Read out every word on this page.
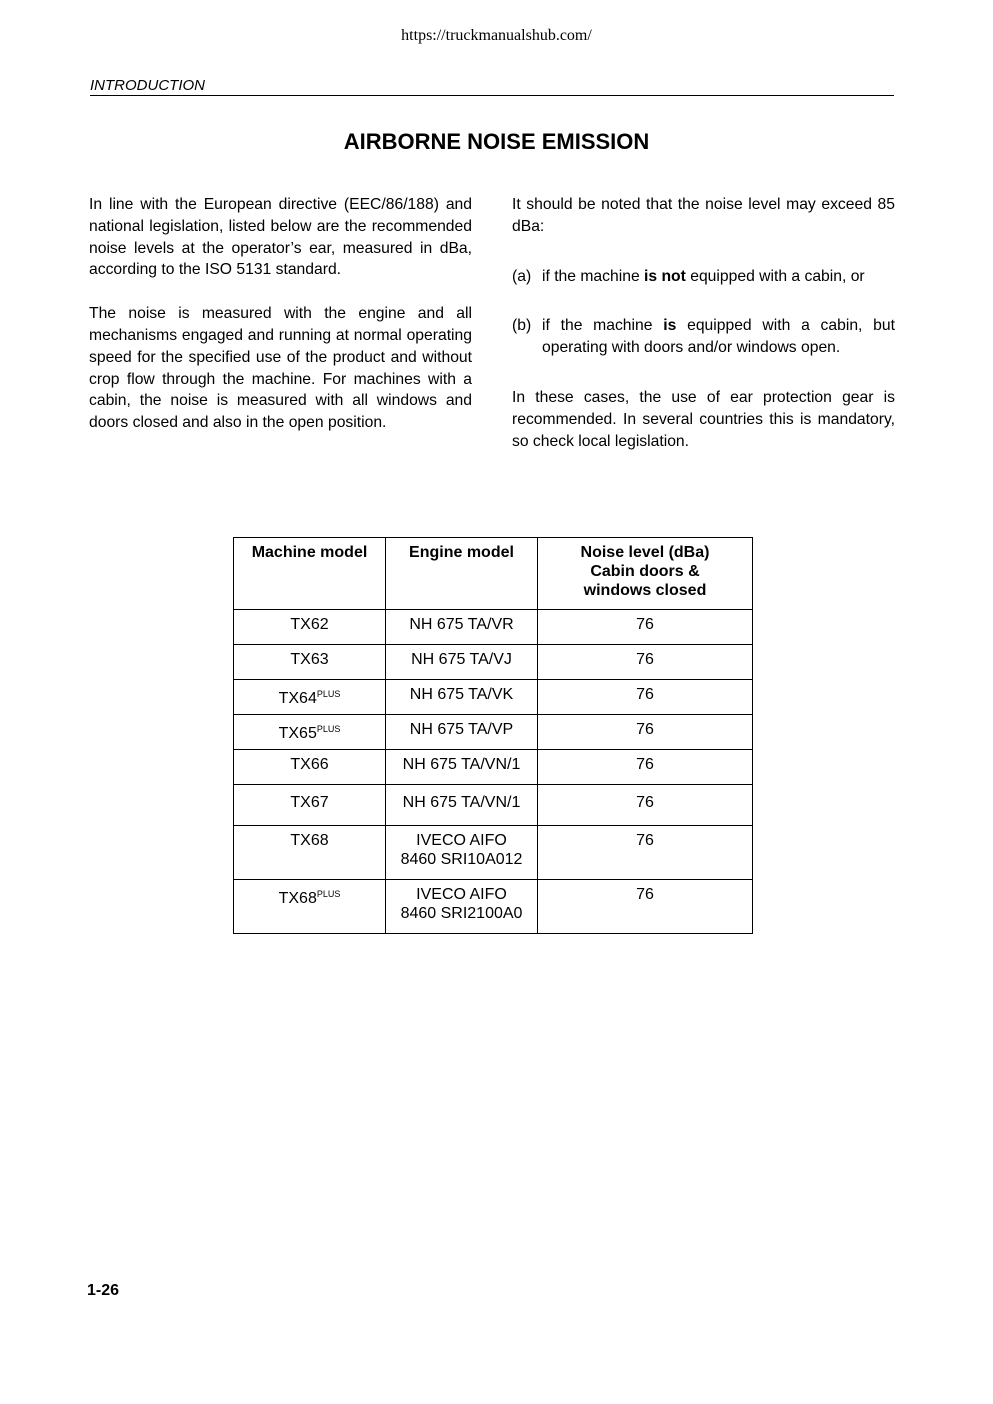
https://truckmanualshub.com/
INTRODUCTION
AIRBORNE NOISE EMISSION

In line with the European directive (EEC/86/188) and national legislation, listed below are the recommended noise levels at the operator’s ear, measured in dBa, according to the ISO 5131 standard.

The noise is measured with the engine and all mechanisms engaged and running at normal operating speed for the specified use of the product and without crop flow through the machine. For machines with a cabin, the noise is measured with all windows and doors closed and also in the open position.

It should be noted that the noise level may exceed 85 dBa:

(a) if the machine is not equipped with a cabin, or
(b) if the machine is equipped with a cabin, but operating with doors and/or windows open.

In these cases, the use of ear protection gear is recommended. In several countries this is mandatory, so check local legislation.

Machine model	Engine model	Noise level (dBa)
Cabin doors &
windows closed
TX62	NH 675 TA/VR	76
TX63	NH 675 TA/VJ	76
$TX64^{PLUS}$	NH 675 TA/VK	76
$TX65^{PLUS}$	NH 675 TA/VP	76
TX66	NH 675 TA/VN/1	76
TX67	NH 675 TA/VN/1	76
TX68	IVECO AIFO
8460 SRI10A012	76
$TX68^{PLUS}$	IVECO AIFO
8460 SRI2100A0	76
1-26
